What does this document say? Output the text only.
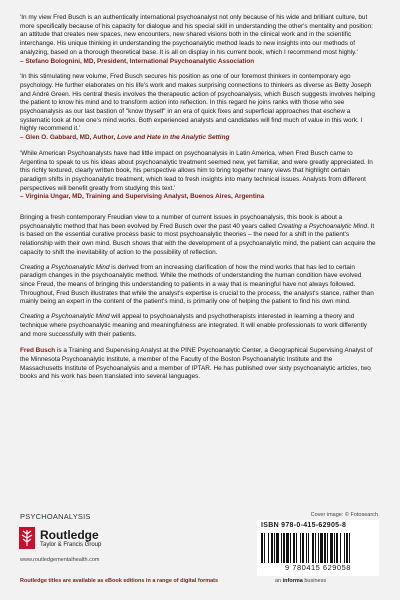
'In my view Fred Busch is an authentically international psychoanalyst not only because of his wide and brilliant culture, but more specifically because of his capacity for dialogue and his special skill in understanding the other's mentality and position: an attitude that creates new spaces, new encounters, new shared visions both in the clinical work and in the scientific interchange. His unique thinking in understanding the psychoanalytic method leads to new insights into our methods of analyzing, based on a thorough theoretical base. It is all on display in his current book, which I recommend most highly.'
– Stefano Bolognini, MD, President, International Psychoanalytic Association

'In this stimulating new volume, Fred Busch secures his position as one of our foremost thinkers in contemporary ego psychology. He further elaborates on his life's work and makes surprising connections to thinkers as diverse as Betty Joseph and André Green. His central thesis involves the therapeutic action of psychoanalysis, which Busch suggests involves helping the patient to know his mind and to transform action into reflection. In this regard he joins ranks with those who see psychoanalysis as our last bastion of "know thyself" in an era of quick fixes and superficial approaches that eschew a systematic look at how one's mind works. Both experienced analysts and candidates will find much of value in this work. I highly recommend it.'
– Glen O. Gabbard, MD, Author, Love and Hate in the Analytic Setting

'While American Psychoanalysts have had little impact on psychoanalysis in Latin America, when Fred Busch came to Argentina to speak to us his ideas about psychoanalytic treatment seemed new, yet familiar, and were greatly appreciated. In this richly textured, clearly written book, his perspective allows him to bring together many views that highlight certain paradigm shifts in psychoanalytic treatment, which lead to fresh insights into many technical issues. Analysts from different perspectives will benefit greatly from studying this text.'
– Virginia Ungar, MD, Training and Supervising Analyst, Buenos Aires, Argentina

Bringing a fresh contemporary Freudian view to a number of current issues in psychoanalysis, this book is about a psychoanalytic method that has been evolved by Fred Busch over the past 40 years called Creating a Psychoanalytic Mind. It is based on the essential curative process basic to most psychoanalytic theories – the need for a shift in the patient's relationship with their own mind. Busch shows that with the development of a psychoanalytic mind, the patient can acquire the capacity to shift the inevitability of action to the possibility of reflection.

Creating a Psychoanalytic Mind is derived from an increasing clarification of how the mind works that has led to certain paradigm changes in the psychoanalytic method. While the methods of understanding the human condition have evolved since Freud, the means of bringing this understanding to patients in a way that is meaningful have not always followed. Throughout, Fred Busch illustrates that while the analyst's expertise is crucial to the process, the analyst's stance, rather than mainly being an expert in the content of the patient's mind, is primarily one of helping the patient to find his own mind.

Creating a Psychoanalytic Mind will appeal to psychoanalysts and psychotherapists interested in learning a theory and technique where psychoanalytic meaning and meaningfulness are integrated. It will enable professionals to work differently and more successfully with their patients.

Fred Busch is a Training and Supervising Analyst at the PINE Psychoanalytic Center, a Geographical Supervising Analyst of the Minnesota Psychoanalytic Institute, a member of the Faculty of the Boston Psychoanalytic Institute and the Massachusetts Institute of Psychoanalysis and a member of IPTAR. He has published over sixty psychoanalytic articles, two books and his work has been translated into several languages.

PSYCHOANALYSIS	Cover image: © Fotosearch
Routledge
Taylor & Francis Group
www.routledgementalhealth.com
Routledge titles are available as eBook editions in a range of digital formats
ISBN 978-0-415-62905-8
9 780415 629058
an informa business
